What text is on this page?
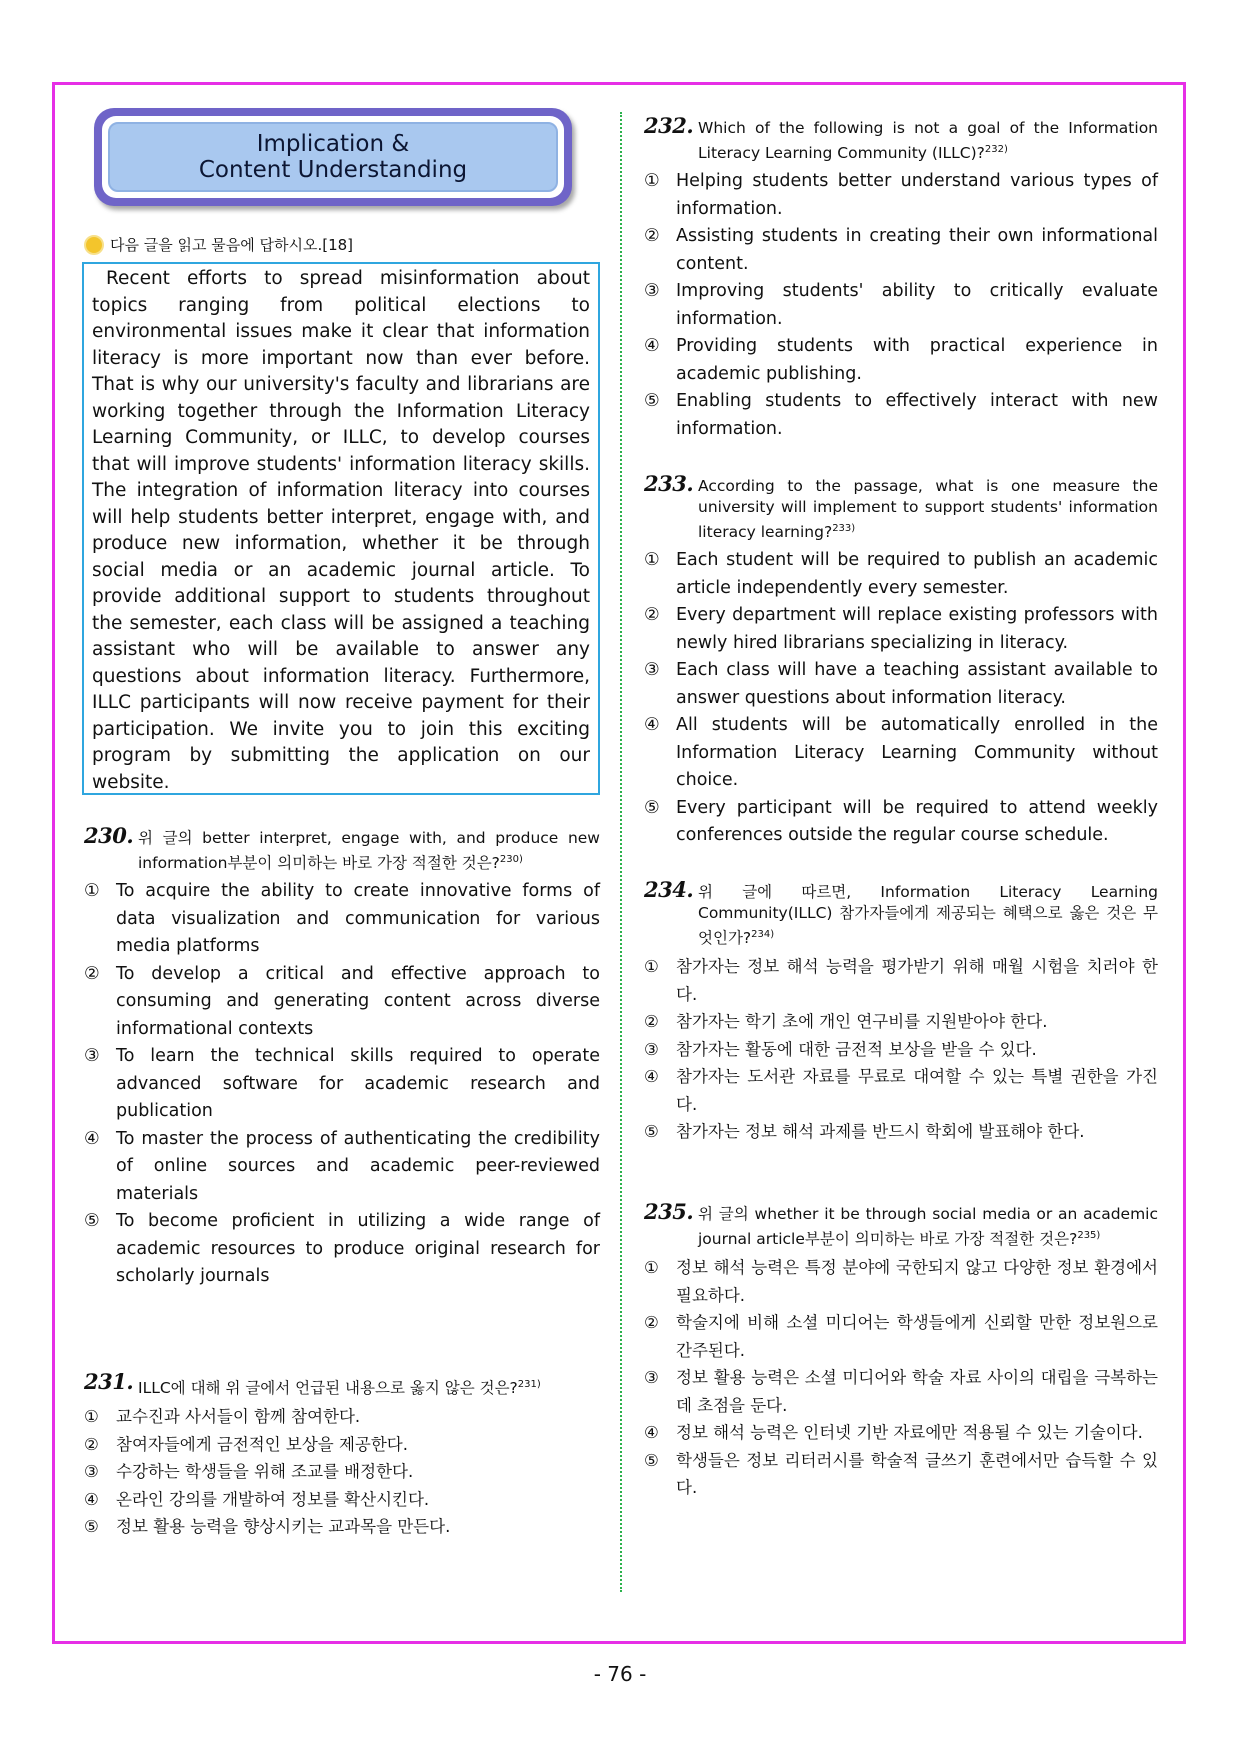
Implication &
Content Understanding
다음 글을 읽고 물음에 답하시오.[18]

Recent efforts to spread misinformation about topics ranging from political elections to environmental issues make it clear that information literacy is more important now than ever before. That is why our university's faculty and librarians are working together through the Information Literacy Learning Community, or ILLC, to develop courses that will improve students' information literacy skills. The integration of information literacy into courses will help students better interpret, engage with, and produce new information, whether it be through social media or an academic journal article. To provide additional support to students throughout the semester, each class will be assigned a teaching assistant who will be available to answer any questions about information literacy. Furthermore, ILLC participants will now receive payment for their participation. We invite you to join this exciting program by submitting the application on our website.

230. 위 글의 better interpret, engage with, and produce new information부분이 의미하는 바로 가장 적절한 것은?$^{230)}$
① To acquire the ability to create innovative forms of data visualization and communication for various media platforms
② To develop a critical and effective approach to consuming and generating content across diverse informational contexts
③ To learn the technical skills required to operate advanced software for academic research and publication
④ To master the process of authenticating the credibility of online sources and academic peer-reviewed materials
⑤ To become proficient in utilizing a wide range of academic resources to produce original research for scholarly journals
231. ILLC에 대해 위 글에서 언급된 내용으로 옳지 않은 것은?$^{231)}$
① 교수진과 사서들이 함께 참여한다.
② 참여자들에게 금전적인 보상을 제공한다.
③ 수강하는 학생들을 위해 조교를 배정한다.
④ 온라인 강의를 개발하여 정보를 확산시킨다.
⑤ 정보 활용 능력을 향상시키는 교과목을 만든다.
232. Which of the following is not a goal of the Information Literacy Learning Community (ILLC)?$^{232)}$
① Helping students better understand various types of information.
② Assisting students in creating their own informational content.
③ Improving students' ability to critically evaluate information.
④ Providing students with practical experience in academic publishing.
⑤ Enabling students to effectively interact with new information.
233. According to the passage, what is one measure the university will implement to support students' information literacy learning?$^{233)}$
① Each student will be required to publish an academic article independently every semester.
② Every department will replace existing professors with newly hired librarians specializing in literacy.
③ Each class will have a teaching assistant available to answer questions about information literacy.
④ All students will be automatically enrolled in the Information Literacy Learning Community without choice.
⑤ Every participant will be required to attend weekly conferences outside the regular course schedule.
234. 위 글에 따르면, Information Literacy Learning Community(ILLC) 참가자들에게 제공되는 혜택으로 옳은 것은 무엇인가?$^{234)}$
① 참가자는 정보 해석 능력을 평가받기 위해 매월 시험을 치러야 한다.
② 참가자는 학기 초에 개인 연구비를 지원받아야 한다.
③ 참가자는 활동에 대한 금전적 보상을 받을 수 있다.
④ 참가자는 도서관 자료를 무료로 대여할 수 있는 특별 권한을 가진다.
⑤ 참가자는 정보 해석 과제를 반드시 학회에 발표해야 한다.
235. 위 글의 whether it be through social media or an academic journal article부분이 의미하는 바로 가장 적절한 것은?$^{235)}$
① 정보 해석 능력은 특정 분야에 국한되지 않고 다양한 정보 환경에서 필요하다.
② 학술지에 비해 소셜 미디어는 학생들에게 신뢰할 만한 정보원으로 간주된다.
③ 정보 활용 능력은 소셜 미디어와 학술 자료 사이의 대립을 극복하는 데 초점을 둔다.
④ 정보 해석 능력은 인터넷 기반 자료에만 적용될 수 있는 기술이다.
⑤ 학생들은 정보 리터러시를 학술적 글쓰기 훈련에서만 습득할 수 있다.
- 76 -
